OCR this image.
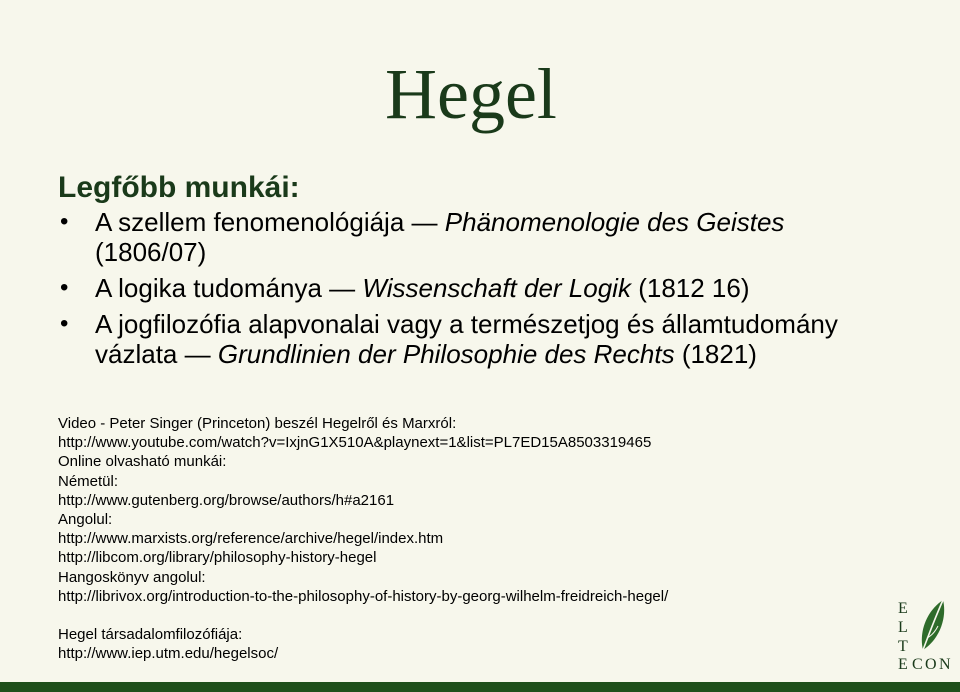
Hegel
Legfőbb munkái:
• A szellem fenomenológiája — Phänomenologie des Geistes
(1806/07)
• A logika tudománya — Wissenschaft der Logik (1812 16)
• A jogfilozófia alapvonalai vagy a természetjog és államtudomány vázlata — Grundlinien der Philosophie des Rechts (1821)
Video - Peter Singer (Princeton) beszél Hegelről és Marxról:
http://www.youtube.com/watch?v=IxjnG1X510A&playnext=1&list=PL7ED15A8503319465
Online olvasható munkái:
Németül:
http://www.gutenberg.org/browse/authors/h#a2161
Angolul:
http://www.marxists.org/reference/archive/hegel/index.htm
http://libcom.org/library/philosophy-history-hegel
Hangoskönyv angolul:
http://librivox.org/introduction-to-the-philosophy-of-history-by-georg-wilhelm-freidreich-hegel/
Hegel társadalomfilozófiája:
http://www.iep.utm.edu/hegelsoc/
E
L
T
E C O N
